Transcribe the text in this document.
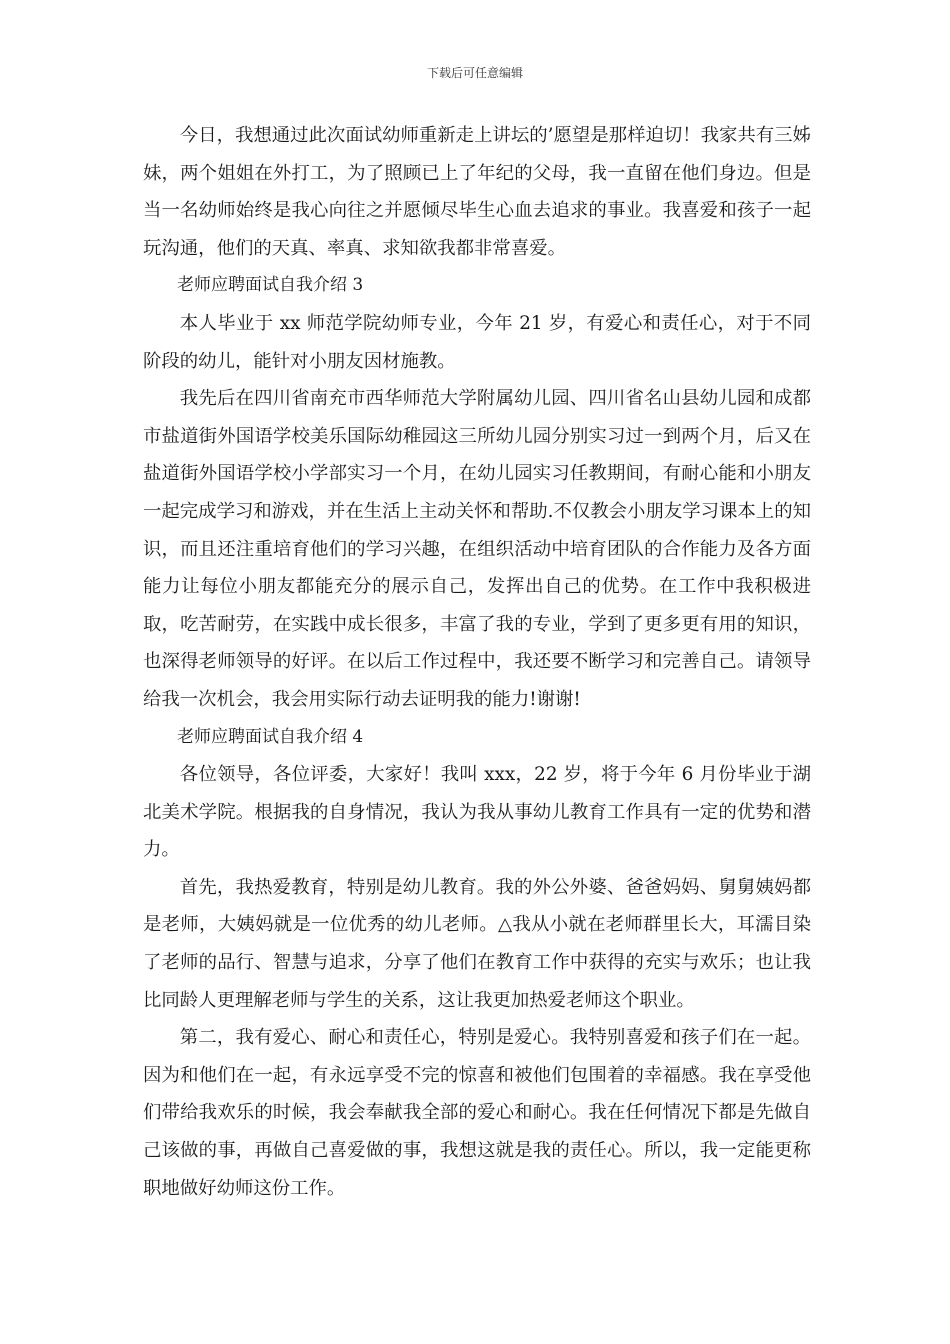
下载后可任意编辑

今日，我想通过此次面试幼师重新走上讲坛的’愿望是那样迫切！我家共有三姊妹，两个姐姐在外打工，为了照顾已上了年纪的父母，我一直留在他们身边。但是当一名幼师始终是我心向往之并愿倾尽毕生心血去追求的事业。我喜爱和孩子一起玩沟通，他们的天真、率真、求知欲我都非常喜爱。

老师应聘面试自我介绍 3

本人毕业于 xx 师范学院幼师专业，今年 21 岁，有爱心和责任心，对于不同阶段的幼儿，能针对小朋友因材施教。

我先后在四川省南充市西华师范大学附属幼儿园、四川省名山县幼儿园和成都市盐道街外国语学校美乐国际幼稚园这三所幼儿园分别实习过一到两个月，后又在盐道街外国语学校小学部实习一个月，在幼儿园实习任教期间，有耐心能和小朋友一起完成学习和游戏，并在生活上主动关怀和帮助.不仅教会小朋友学习课本上的知识，而且还注重培育他们的学习兴趣，在组织活动中培育团队的合作能力及各方面能力让每位小朋友都能充分的展示自己，发挥出自己的优势。在工作中我积极进取，吃苦耐劳，在实践中成长很多，丰富了我的专业，学到了更多更有用的知识，也深得老师领导的好评。在以后工作过程中，我还要不断学习和完善自己。请领导给我一次机会，我会用实际行动去证明我的能力!谢谢!

老师应聘面试自我介绍 4

各位领导，各位评委，大家好！我叫 xxx，22 岁，将于今年 6 月份毕业于湖北美术学院。根据我的自身情况，我认为我从事幼儿教育工作具有一定的优势和潜力。

首先，我热爱教育，特别是幼儿教育。我的外公外婆、爸爸妈妈、舅舅姨妈都是老师，大姨妈就是一位优秀的幼儿老师。△我从小就在老师群里长大，耳濡目染了老师的品行、智慧与追求，分享了他们在教育工作中获得的充实与欢乐；也让我比同龄人更理解老师与学生的关系，这让我更加热爱老师这个职业。

第二，我有爱心、耐心和责任心，特别是爱心。我特别喜爱和孩子们在一起。因为和他们在一起，有永远享受不完的惊喜和被他们包围着的幸福感。我在享受他们带给我欢乐的时候，我会奉献我全部的爱心和耐心。我在任何情况下都是先做自己该做的事，再做自己喜爱做的事，我想这就是我的责任心。所以，我一定能更称职地做好幼师这份工作。
